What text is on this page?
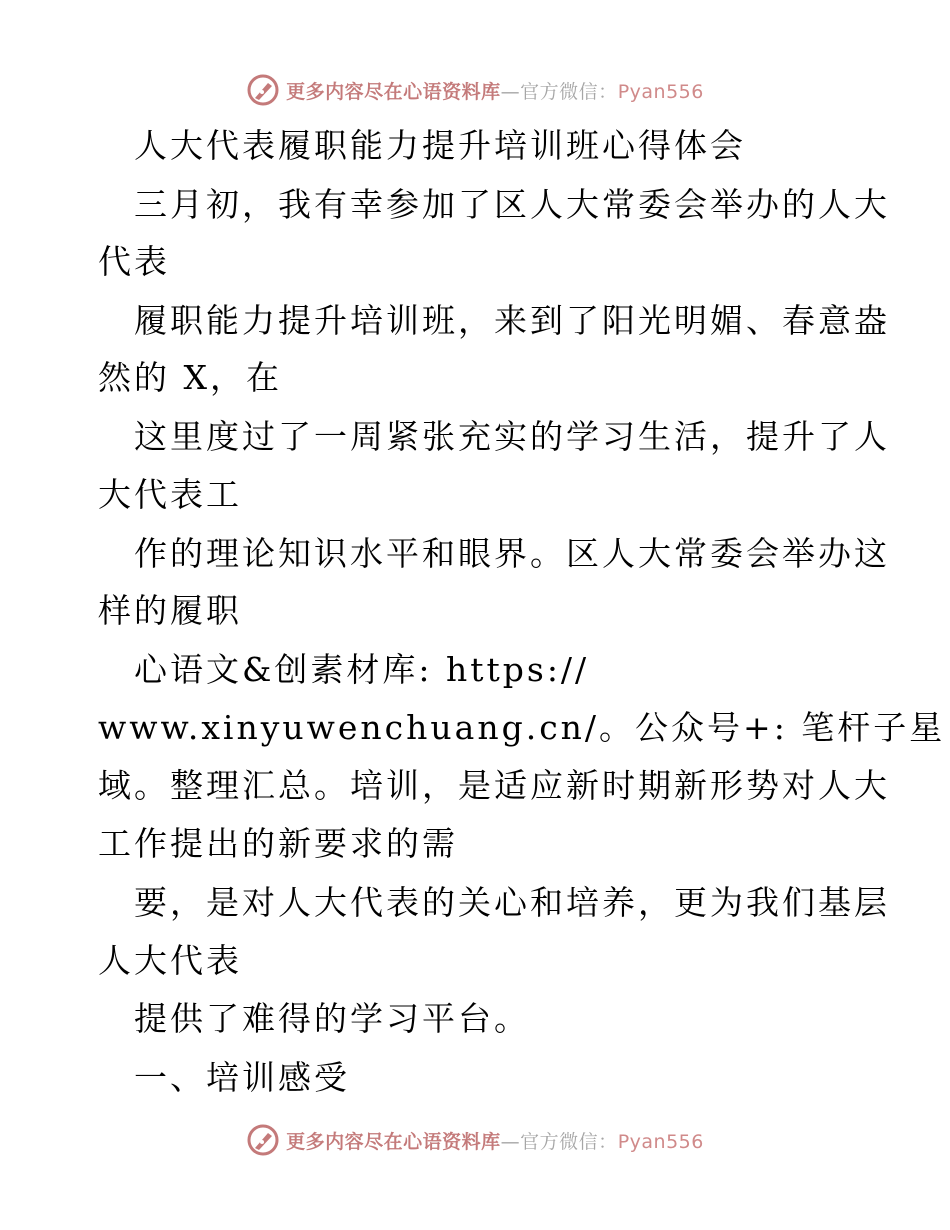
更多内容尽在心语资料库—官方微信：Pyan556
人大代表履职能力提升培训班心得体会
三月初，我有幸参加了区人大常委会举办的人大
代表
履职能力提升培训班，来到了阳光明媚、春意盎
然的 X，在
这里度过了一周紧张充实的学习生活，提升了人
大代表工
作的理论知识水平和眼界。区人大常委会举办这
样的履职
心语文&创素材库: https://
www.xinyuwenchuang.cn/。公众号+: 笔杆子星
域。整理汇总。培训，是适应新时期新形势对人大
工作提出的新要求的需
要，是对人大代表的关心和培养，更为我们基层
人大代表
提供了难得的学习平台。
一、培训感受
更多内容尽在心语资料库—官方微信：Pyan556
